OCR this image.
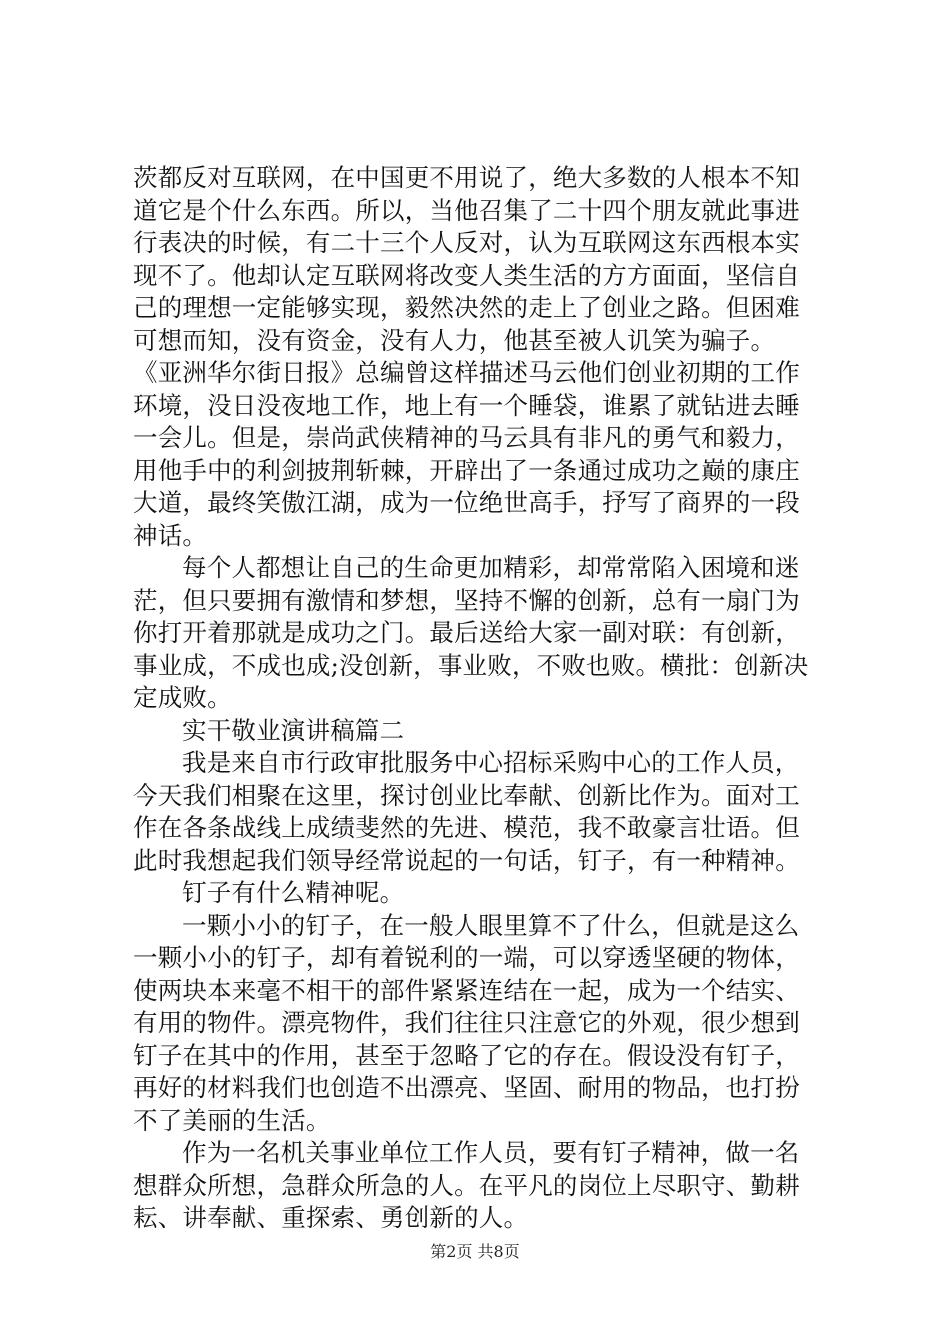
茨都反对互联网，在中国更不用说了，绝大多数的人根本不知
道它是个什么东西。所以，当他召集了二十四个朋友就此事进
行表决的时候，有二十三个人反对，认为互联网这东西根本实
现不了。他却认定互联网将改变人类生活的方方面面，坚信自
己的理想一定能够实现，毅然决然的走上了创业之路。但困难
可想而知，没有资金，没有人力，他甚至被人讥笑为骗子。
《亚洲华尔街日报》总编曾这样描述马云他们创业初期的工作
环境，没日没夜地工作，地上有一个睡袋，谁累了就钻进去睡
一会儿。但是，崇尚武侠精神的马云具有非凡的勇气和毅力，
用他手中的利剑披荆斩棘，开辟出了一条通过成功之巅的康庄
大道，最终笑傲江湖，成为一位绝世高手，抒写了商界的一段
神话。
每个人都想让自己的生命更加精彩，却常常陷入困境和迷
茫，但只要拥有激情和梦想，坚持不懈的创新，总有一扇门为
你打开着那就是成功之门。最后送给大家一副对联：有创新，
事业成，不成也成;没创新，事业败，不败也败。横批：创新决
定成败。
实干敬业演讲稿篇二
我是来自市行政审批服务中心招标采购中心的工作人员，
今天我们相聚在这里，探讨创业比奉献、创新比作为。面对工
作在各条战线上成绩斐然的先进、模范，我不敢豪言壮语。但
此时我想起我们领导经常说起的一句话，钉子，有一种精神。
钉子有什么精神呢。
一颗小小的钉子，在一般人眼里算不了什么，但就是这么
一颗小小的钉子，却有着锐利的一端，可以穿透坚硬的物体，
使两块本来毫不相干的部件紧紧连结在一起，成为一个结实、
有用的物件。漂亮物件，我们往往只注意它的外观，很少想到
钉子在其中的作用，甚至于忽略了它的存在。假设没有钉子，
再好的材料我们也创造不出漂亮、坚固、耐用的物品，也打扮
不了美丽的生活。
作为一名机关事业单位工作人员，要有钉子精神，做一名
想群众所想，急群众所急的人。在平凡的岗位上尽职守、勤耕
耘、讲奉献、重探索、勇创新的人。
第2页 共8页
